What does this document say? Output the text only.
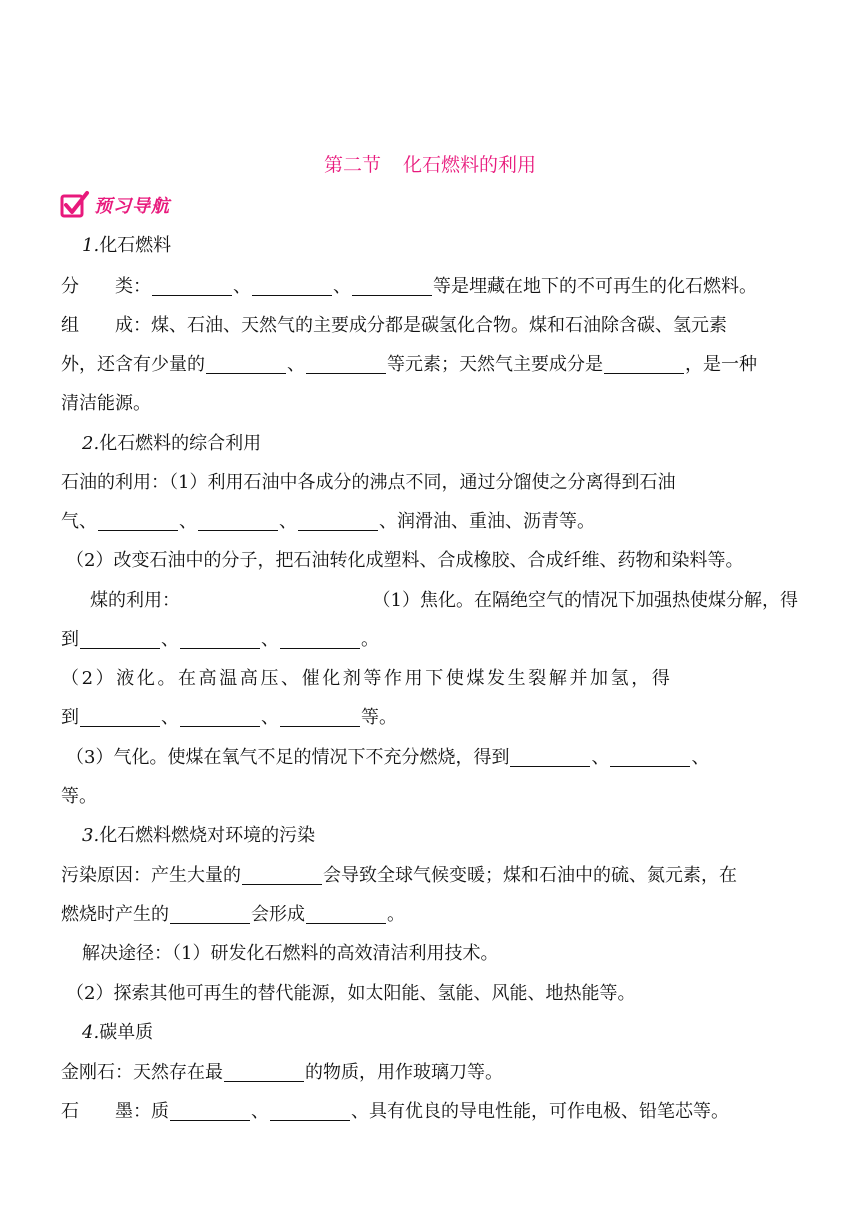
第二节 化石燃料的利用
预习导航
1.化石燃料
分　　类：	、	、	等是埋藏在地下的不可再生的化石燃料。
组　　成：煤、石油、天然气的主要成分都是碳氢化合物。煤和石油除含碳、氢元素
外，还含有少量的	、	等元素；天然气主要成分是	，是一种
清洁能源。
2.化石燃料的综合利用
石油的利用：（1）利用石油中各成分的沸点不同，通过分馏使之分离得到石油
气、	、	、	、润滑油、重油、沥青等。
（2）改变石油中的分子，把石油转化成塑料、合成橡胶、合成纤维、药物和染料等。
煤的利用：	（1）焦化。在隔绝空气的情况下加强热使煤分解，得
到	、	、	。
（2）液化。在高温高压、催化剂等作用下使煤发生裂解并加氢，得
到	、	、	等。
（3）气化。使煤在氧气不足的情况下不充分燃烧，得到	、	、
等。
3.化石燃料燃烧对环境的污染
污染原因：产生大量的	会导致全球气候变暖；煤和石油中的硫、氮元素，在
燃烧时产生的	会形成	。
解决途径：（1）研发化石燃料的高效清洁利用技术。
（2）探索其他可再生的替代能源，如太阳能、氢能、风能、地热能等。
4.碳单质
金刚石：天然存在最	的物质，用作玻璃刀等。
石　　墨：质	、	、具有优良的导电性能，可作电极、铅笔芯等。
